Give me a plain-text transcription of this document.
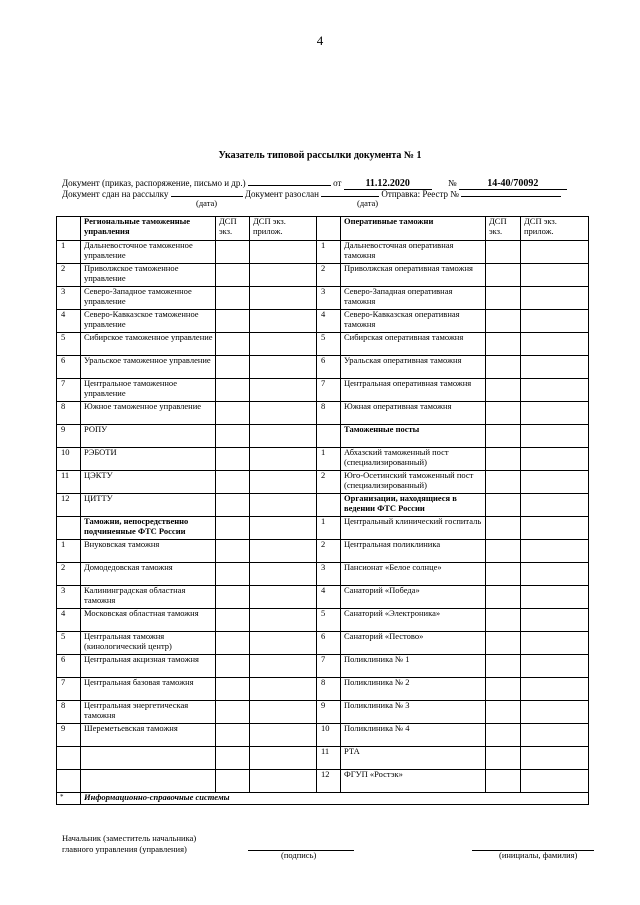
4
Указатель типовой рассылки документа № 1
Документ (приказ, распоряжение, письмо и др.)	от 11.12.2020	№	14-40/70092
Документ сдан на рассылку	Документ разослан	Отправка: Реестр №
(дата)	(дата)
	Региональные таможенные управления	ДСП экз.	ДСП экз. прилож.		Оперативные таможни	ДСП экз.	ДСП экз. прилож.
1	Дальневосточное таможенное управление			1	Дальневосточная оперативная таможня		
2	Приволжское таможенное управление			2	Приволжская оперативная таможня		
3	Северо-Западное таможенное управление			3	Северо-Западная оперативная таможня		
4	Северо-Кавказское таможенное управление			4	Северо-Кавказская оперативная таможня		
5	Сибирское таможенное управление			5	Сибирская оперативная таможня		
6	Уральское таможенное управление			6	Уральская оперативная таможня		
7	Центральное таможенное управление			7	Центральная оперативная таможня		
8	Южное таможенное управление			8	Южная оперативная таможня		
9	РОПУ				Таможенные посты		
10	РЭБОТИ			1	Абхазский таможенный пост (специализированный)		
11	ЦЭКТУ			2	Юго-Осетинский таможенный пост (специализированный)		
12	ЦИТТУ				Организации, находящиеся в ведении ФТС России		
	Таможни, непосредственно подчиненные ФТС России			1	Центральный клинический госпиталь		
1	Внуковская таможня			2	Центральная поликлиника		
2	Домодедовская таможня			3	Пансионат «Белое солнце»		
3	Калининградская областная таможня			4	Санаторий «Победа»		
4	Московская областная таможня			5	Санаторий «Электроника»		
5	Центральная таможня (кинологический центр)			6	Санаторий «Пестово»		
6	Центральная акцизная таможня			7	Поликлиника № 1		
7	Центральная базовая таможня			8	Поликлиника № 2		
8	Центральная энергетическая таможня			9	Поликлиника № 3		
9	Шереметьевская таможня			10	Поликлиника № 4		
				11	РТА		
				12	ФГУП «Ростэк»		
*	Информационно-справочные системы						
Начальник (заместитель начальника)
главного управления (управления)
(подпись)	(инициалы, фамилия)
